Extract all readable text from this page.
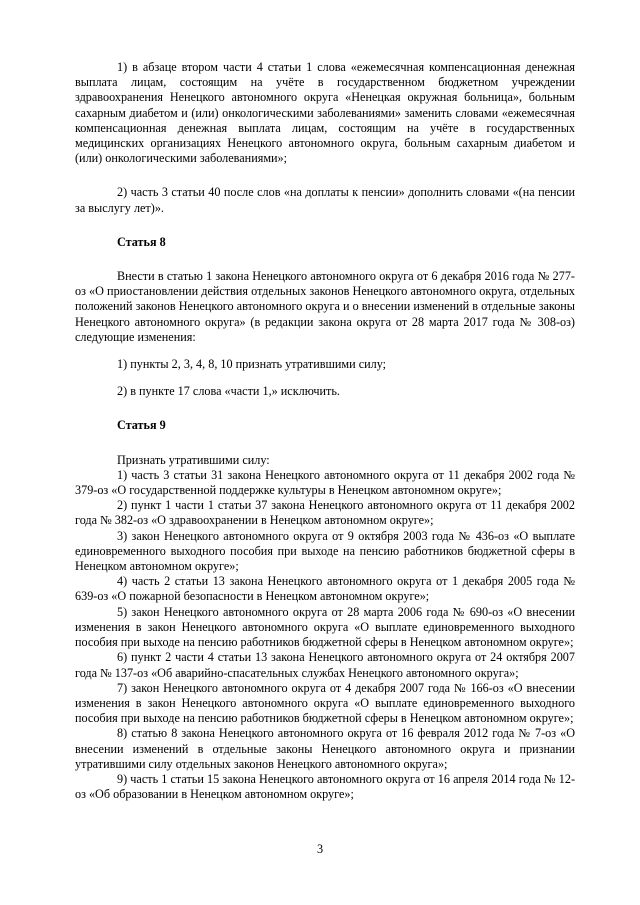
1) в абзаце втором части 4 статьи 1 слова «ежемесячная компенсационная денежная выплата лицам, состоящим на учёте в государственном бюджетном учреждении здравоохранения Ненецкого автономного округа «Ненецкая окружная больница», больным сахарным диабетом и (или) онкологическими заболеваниями» заменить словами «ежемесячная компенсационная денежная выплата лицам, состоящим на учёте в государственных медицинских организациях Ненецкого автономного округа, больным сахарным диабетом и (или) онкологическими заболеваниями»;

2) часть 3 статьи 40 после слов «на доплаты к пенсии» дополнить словами «(на пенсии за выслугу лет)».

Статья 8

Внести в статью 1 закона Ненецкого автономного округа от 6 декабря 2016 года № 277-оз «О приостановлении действия отдельных законов Ненецкого автономного округа, отдельных положений законов Ненецкого автономного округа и о внесении изменений в отдельные законы Ненецкого автономного округа» (в редакции закона округа от 28 марта 2017 года № 308-оз) следующие изменения:

1) пункты 2, 3, 4, 8, 10 признать утратившими силу;

2) в пункте 17 слова «части 1,» исключить.

Статья 9

Признать утратившими силу:

1) часть 3 статьи 31 закона Ненецкого автономного округа от 11 декабря 2002 года № 379-оз «О государственной поддержке культуры в Ненецком автономном округе»;

2) пункт 1 части 1 статьи 37 закона Ненецкого автономного округа от 11 декабря 2002 года № 382-оз «О здравоохранении в Ненецком автономном округе»;

3) закон Ненецкого автономного округа от 9 октября 2003 года № 436-оз «О выплате единовременного выходного пособия при выходе на пенсию работников бюджетной сферы в Ненецком автономном округе»;

4) часть 2 статьи 13 закона Ненецкого автономного округа от 1 декабря 2005 года № 639-оз «О пожарной безопасности в Ненецком автономном округе»;

5) закон Ненецкого автономного округа от 28 марта 2006 года № 690-оз «О внесении изменения в закон Ненецкого автономного округа «О выплате единовременного выходного пособия при выходе на пенсию работников бюджетной сферы в Ненецком автономном округе»;

6) пункт 2 части 4 статьи 13 закона Ненецкого автономного округа от 24 октября 2007 года № 137-оз «Об аварийно-спасательных службах Ненецкого автономного округа»;

7) закон Ненецкого автономного округа от 4 декабря 2007 года № 166-оз «О внесении изменения в закон Ненецкого автономного округа «О выплате единовременного выходного пособия при выходе на пенсию работников бюджетной сферы в Ненецком автономном округе»;

8) статью 8 закона Ненецкого автономного округа от 16 февраля 2012 года № 7-оз «О внесении изменений в отдельные законы Ненецкого автономного округа и признании утратившими силу отдельных законов Ненецкого автономного округа»;

9) часть 1 статьи 15 закона Ненецкого автономного округа от 16 апреля 2014 года № 12-оз «Об образовании в Ненецком автономном округе»;

3
